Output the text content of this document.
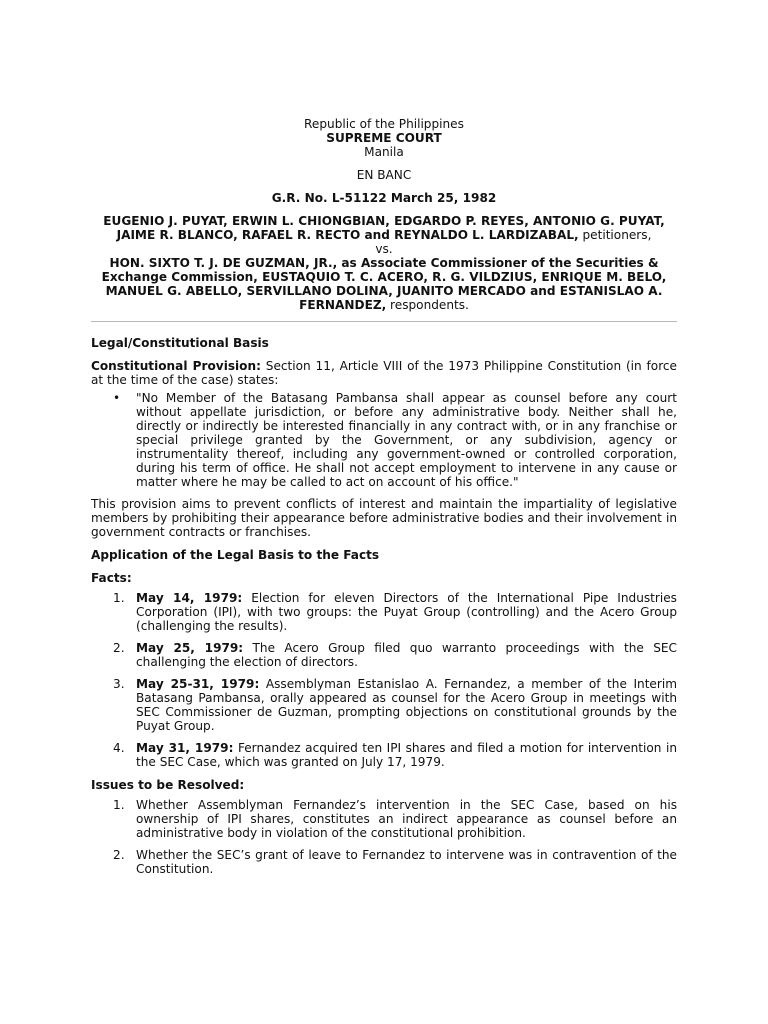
Republic of the Philippines

SUPREME COURT

Manila

EN BANC

G.R. No. L-51122 March 25, 1982

EUGENIO J. PUYAT, ERWIN L. CHIONGBIAN, EDGARDO P. REYES, ANTONIO G. PUYAT, JAIME R. BLANCO, RAFAEL R. RECTO and REYNALDO L. LARDIZABAL, petitioners,

vs.

HON. SIXTO T. J. DE GUZMAN, JR., as Associate Commissioner of the Securities & Exchange Commission, EUSTAQUIO T. C. ACERO, R. G. VILDZIUS, ENRIQUE M. BELO, MANUEL G. ABELLO, SERVILLANO DOLINA, JUANITO MERCADO and ESTANISLAO A. FERNANDEZ, respondents.

Legal/Constitutional Basis

Constitutional Provision: Section 11, Article VIII of the 1973 Philippine Constitution (in force at the time of the case) states:

• "No Member of the Batasang Pambansa shall appear as counsel before any court without appellate jurisdiction, or before any administrative body. Neither shall he, directly or indirectly be interested financially in any contract with, or in any franchise or special privilege granted by the Government, or any subdivision, agency or instrumentality thereof, including any government-owned or controlled corporation, during his term of office. He shall not accept employment to intervene in any cause or matter where he may be called to act on account of his office."

This provision aims to prevent conflicts of interest and maintain the impartiality of legislative members by prohibiting their appearance before administrative bodies and their involvement in government contracts or franchises.

Application of the Legal Basis to the Facts

Facts:

1. May 14, 1979: Election for eleven Directors of the International Pipe Industries Corporation (IPI), with two groups: the Puyat Group (controlling) and the Acero Group (challenging the results).
2. May 25, 1979: The Acero Group filed quo warranto proceedings with the SEC challenging the election of directors.
3. May 25-31, 1979: Assemblyman Estanislao A. Fernandez, a member of the Interim Batasang Pambansa, orally appeared as counsel for the Acero Group in meetings with SEC Commissioner de Guzman, prompting objections on constitutional grounds by the Puyat Group.
4. May 31, 1979: Fernandez acquired ten IPI shares and filed a motion for intervention in the SEC Case, which was granted on July 17, 1979.

Issues to be Resolved:

1. Whether Assemblyman Fernandez’s intervention in the SEC Case, based on his ownership of IPI shares, constitutes an indirect appearance as counsel before an administrative body in violation of the constitutional prohibition.
2. Whether the SEC’s grant of leave to Fernandez to intervene was in contravention of the Constitution.
